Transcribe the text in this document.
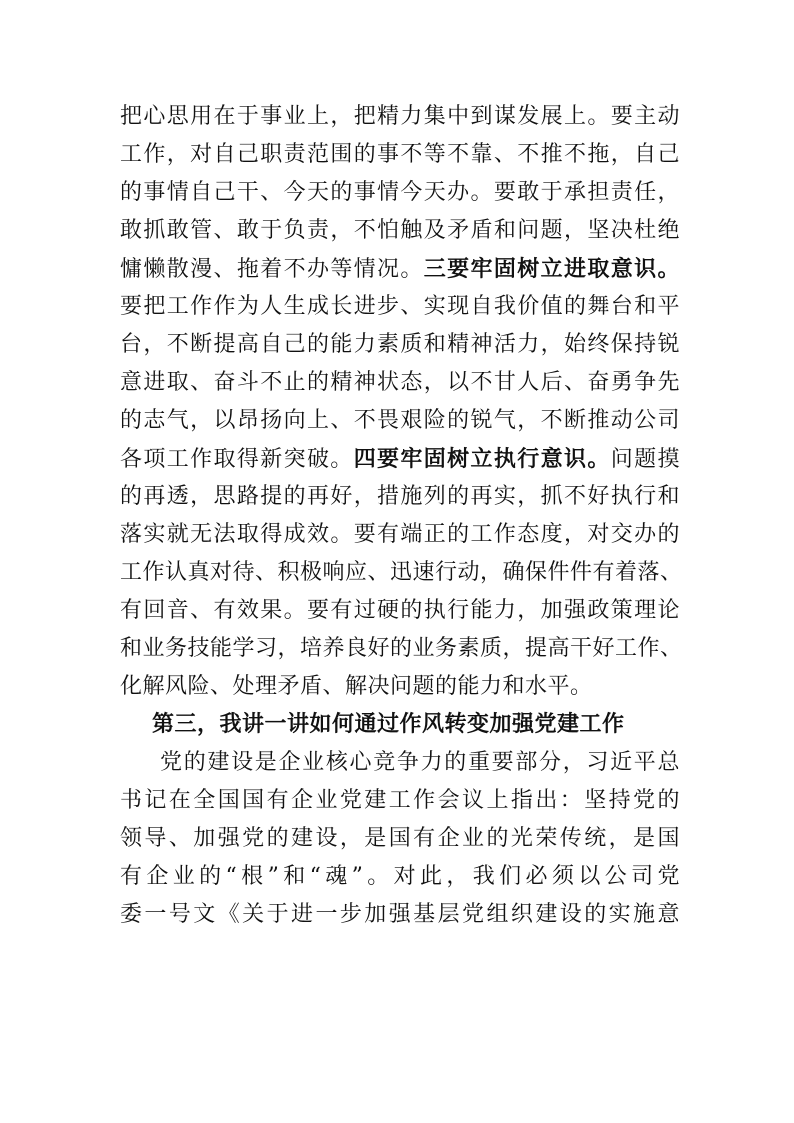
把心思用在于事业上，把精力集中到谋发展上。要主动
工作，对自己职责范围的事不等不靠、不推不拖，自己
的事情自己干、今天的事情今天办。要敢于承担责任，
敢抓敢管、敢于负责，不怕触及矛盾和问题，坚决杜绝
慵懒散漫、拖着不办等情况。三要牢固树立进取意识。
要把工作作为人生成长进步、实现自我价值的舞台和平
台，不断提高自己的能力素质和精神活力，始终保持锐
意进取、奋斗不止的精神状态，以不甘人后、奋勇争先
的志气，以昂扬向上、不畏艰险的锐气，不断推动公司
各项工作取得新突破。四要牢固树立执行意识。问题摸
的再透，思路提的再好，措施列的再实，抓不好执行和
落实就无法取得成效。要有端正的工作态度，对交办的
工作认真对待、积极响应、迅速行动，确保件件有着落、
有回音、有效果。要有过硬的执行能力，加强政策理论
和业务技能学习，培养良好的业务素质，提高干好工作、
化解风险、处理矛盾、解决问题的能力和水平。
第三，我讲一讲如何通过作风转变加强党建工作
党的建设是企业核心竞争力的重要部分，习近平总
书记在全国国有企业党建工作会议上指出：坚持党的
领导、加强党的建设，是国有企业的光荣传统，是国
有企业的“根”和“魂”。对此，我们必须以公司党
委一号文《关于进一步加强基层党组织建设的实施意
